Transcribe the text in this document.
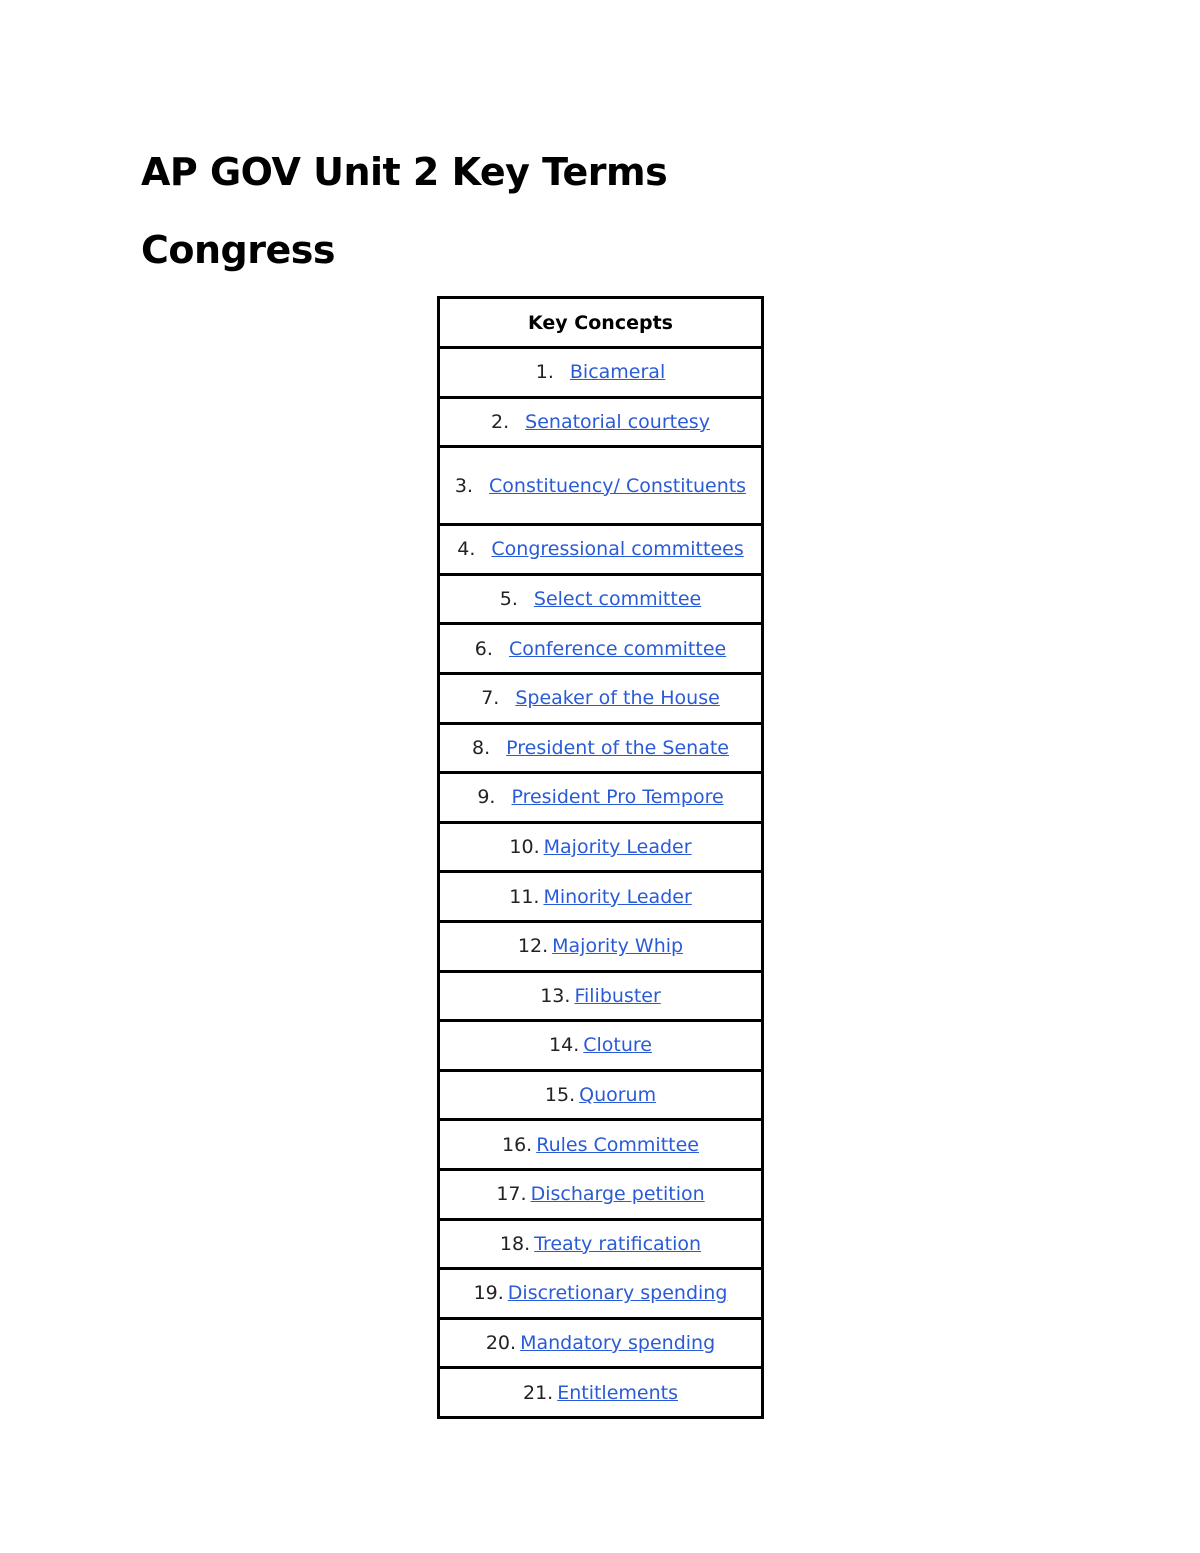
AP GOV Unit 2 Key Terms
Congress
Key Concepts
1. Bicameral
2. Senatorial courtesy
3. Constituency/ Constituents
4. Congressional committees
5. Select committee
6. Conference committee
7. Speaker of the House
8. President of the Senate
9. President Pro Tempore
10. Majority Leader
11. Minority Leader
12. Majority Whip
13. Filibuster
14. Cloture
15. Quorum
16. Rules Committee
17. Discharge petition
18. Treaty ratification
19. Discretionary spending
20. Mandatory spending
21. Entitlements
